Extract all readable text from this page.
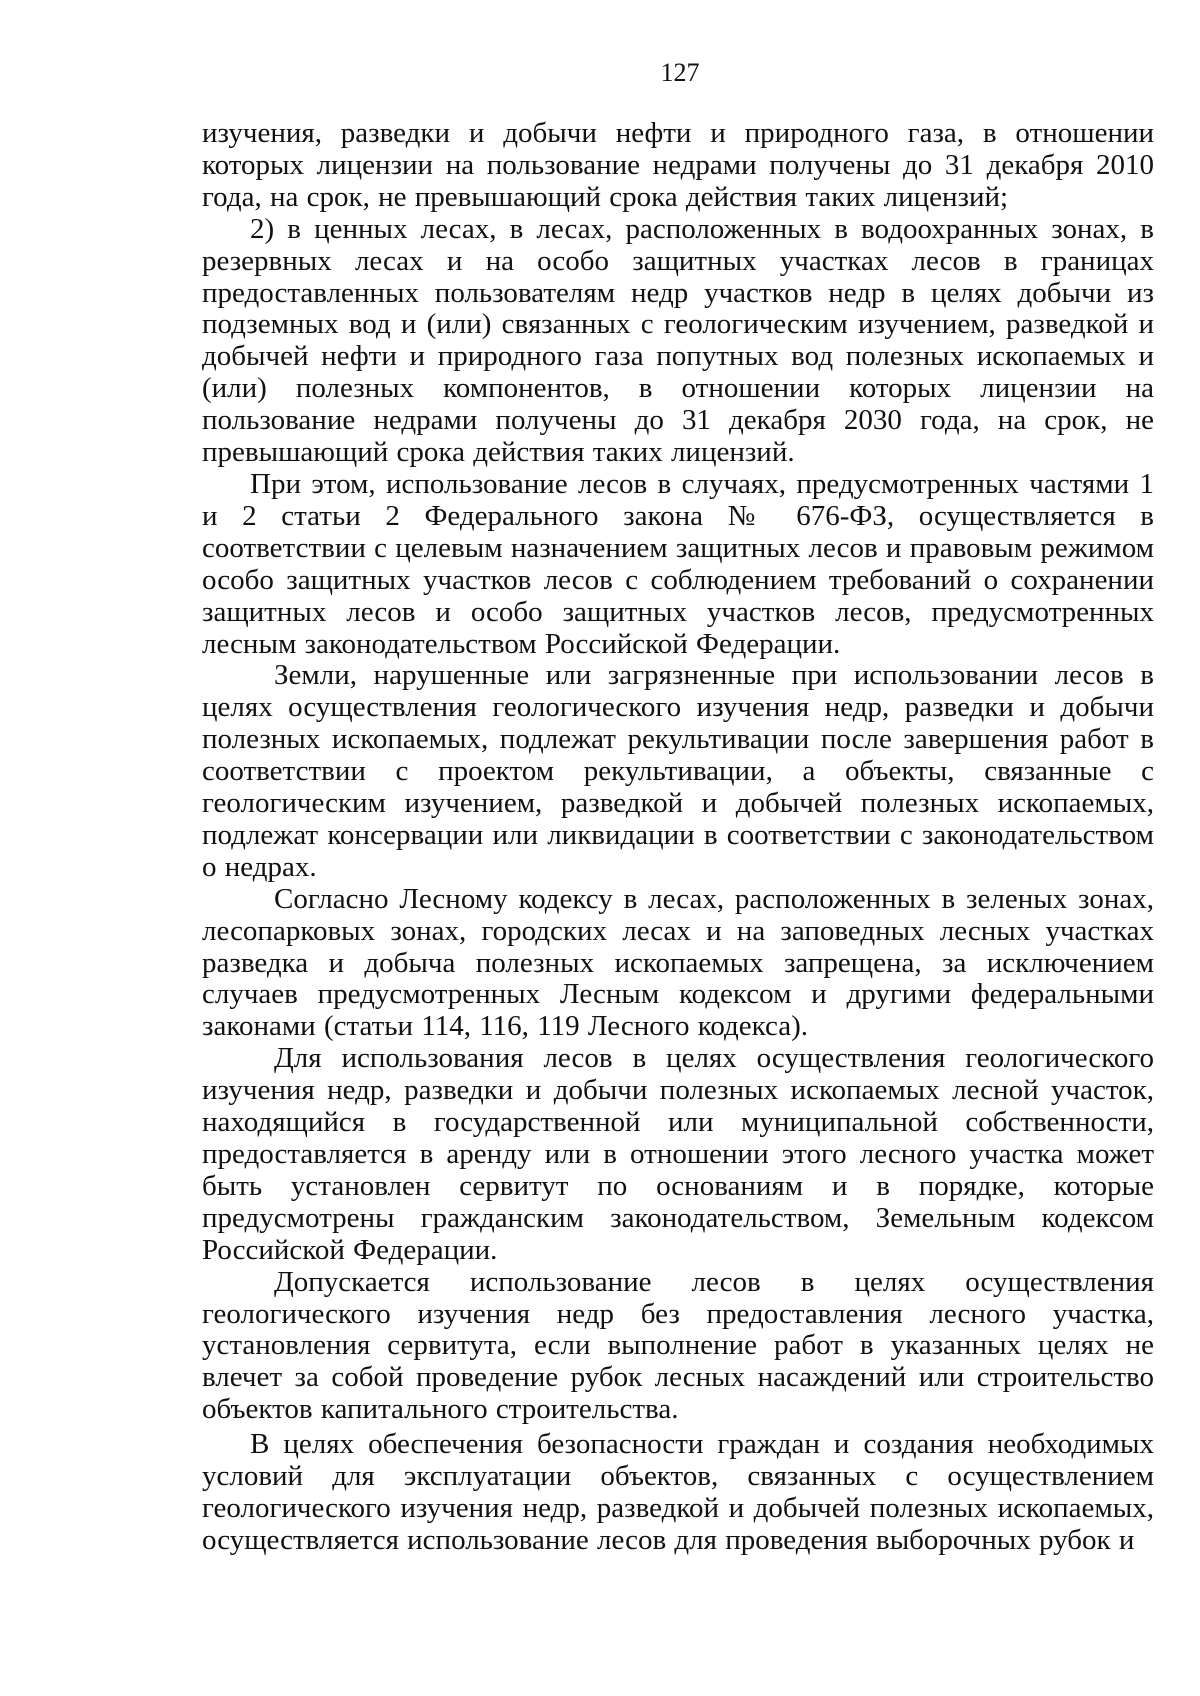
127

изучения, разведки и добычи нефти и природного газа, в отношении которых лицензии на пользование недрами получены до 31 декабря 2010 года, на срок, не превышающий срока действия таких лицензий;

2) в ценных лесах, в лесах, расположенных в водоохранных зонах, в резервных лесах и на особо защитных участках лесов в границах предоставленных пользователям недр участков недр в целях добычи из подземных вод и (или) связанных с геологическим изучением, разведкой и добычей нефти и природного газа попутных вод полезных ископаемых и (или) полезных компонентов, в отношении которых лицензии на пользование недрами получены до 31 декабря 2030 года, на срок, не превышающий срока действия таких лицензий.

При этом, использование лесов в случаях, предусмотренных частями 1 и 2 статьи 2 Федерального закона № 676-ФЗ, осуществляется в соответствии с целевым назначением защитных лесов и правовым режимом особо защитных участков лесов с соблюдением требований о сохранении защитных лесов и особо защитных участков лесов, предусмотренных лесным законодательством Российской Федерации.

Земли, нарушенные или загрязненные при использовании лесов в целях осуществления геологического изучения недр, разведки и добычи полезных ископаемых, подлежат рекультивации после завершения работ в соответствии с проектом рекультивации, а объекты, связанные с геологическим изучением, разведкой и добычей полезных ископаемых, подлежат консервации или ликвидации в соответствии с законодательством о недрах.

Согласно Лесному кодексу в лесах, расположенных в зеленых зонах, лесопарковых зонах, городских лесах и на заповедных лесных участках разведка и добыча полезных ископаемых запрещена, за исключением случаев предусмотренных Лесным кодексом и другими федеральными законами (статьи 114, 116, 119 Лесного кодекса).

Для использования лесов в целях осуществления геологического изучения недр, разведки и добычи полезных ископаемых лесной участок, находящийся в государственной или муниципальной собственности, предоставляется в аренду или в отношении этого лесного участка может быть установлен сервитут по основаниям и в порядке, которые предусмотрены гражданским законодательством, Земельным кодексом Российской Федерации.

Допускается использование лесов в целях осуществления геологического изучения недр без предоставления лесного участка, установления сервитута, если выполнение работ в указанных целях не влечет за собой проведение рубок лесных насаждений или строительство объектов капитального строительства.

В целях обеспечения безопасности граждан и создания необходимых условий для эксплуатации объектов, связанных с осуществлением геологического изучения недр, разведкой и добычей полезных ископаемых, осуществляется использование лесов для проведения выборочных рубок и
